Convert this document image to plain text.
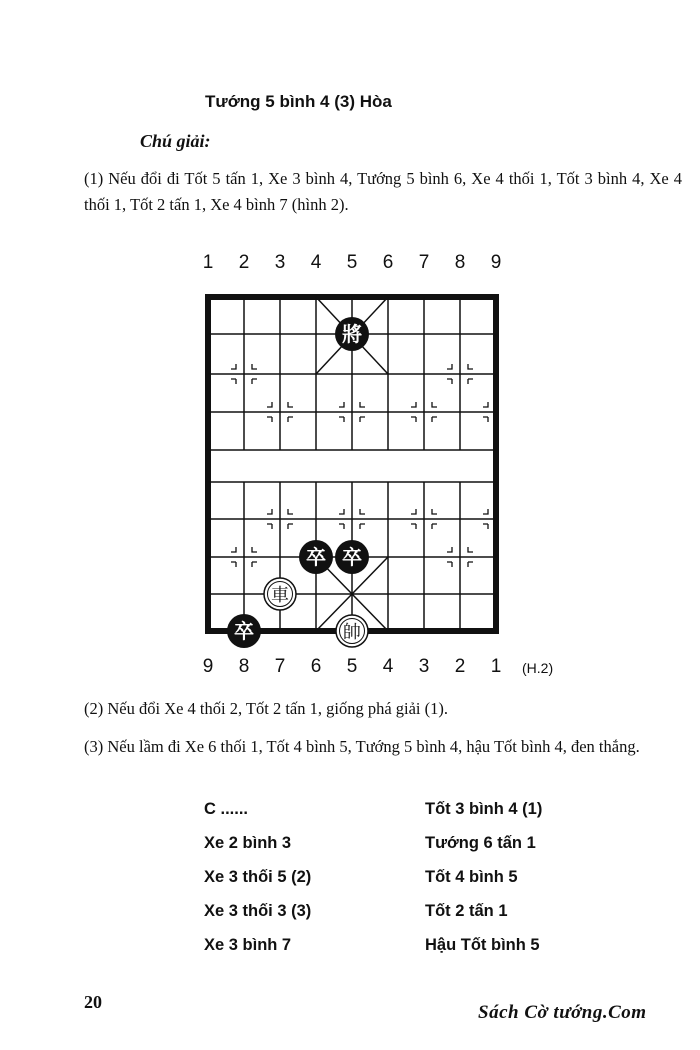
Tướng 5 bình 4 (3) Hòa
Chú giải:
(1) Nếu đổi đi Tốt 5 tấn 1, Xe 3 bình 4, Tướng 5 bình 6, Xe 4 thối 1, Tốt 3 bình 4, Xe 4 thối 1, Tốt 2 tấn 1, Xe 4 bình 7 (hình 2).
1 2 3 4 5 6 7 8 9
將
卒 卒
車
卒	帥
9 8 7 6 5 4 3 2 1	(H.2)
(2) Nếu đổi Xe 4 thối 2, Tốt 2 tấn 1, giống phá giải (1).
(3) Nếu lầm đi Xe 6 thối 1, Tốt 4 bình 5, Tướng 5 bình 4, hậu Tốt bình 4, đen thắng.
C ......	Tốt 3 bình 4 (1)
Xe 2 bình 3	Tướng 6 tấn 1
Xe 3 thối 5 (2)	Tốt 4 bình 5
Xe 3 thối 3 (3)	Tốt 2 tấn 1
Xe 3 bình 7	Hậu Tốt bình 5
20	Sách Cờ tướng.Com
